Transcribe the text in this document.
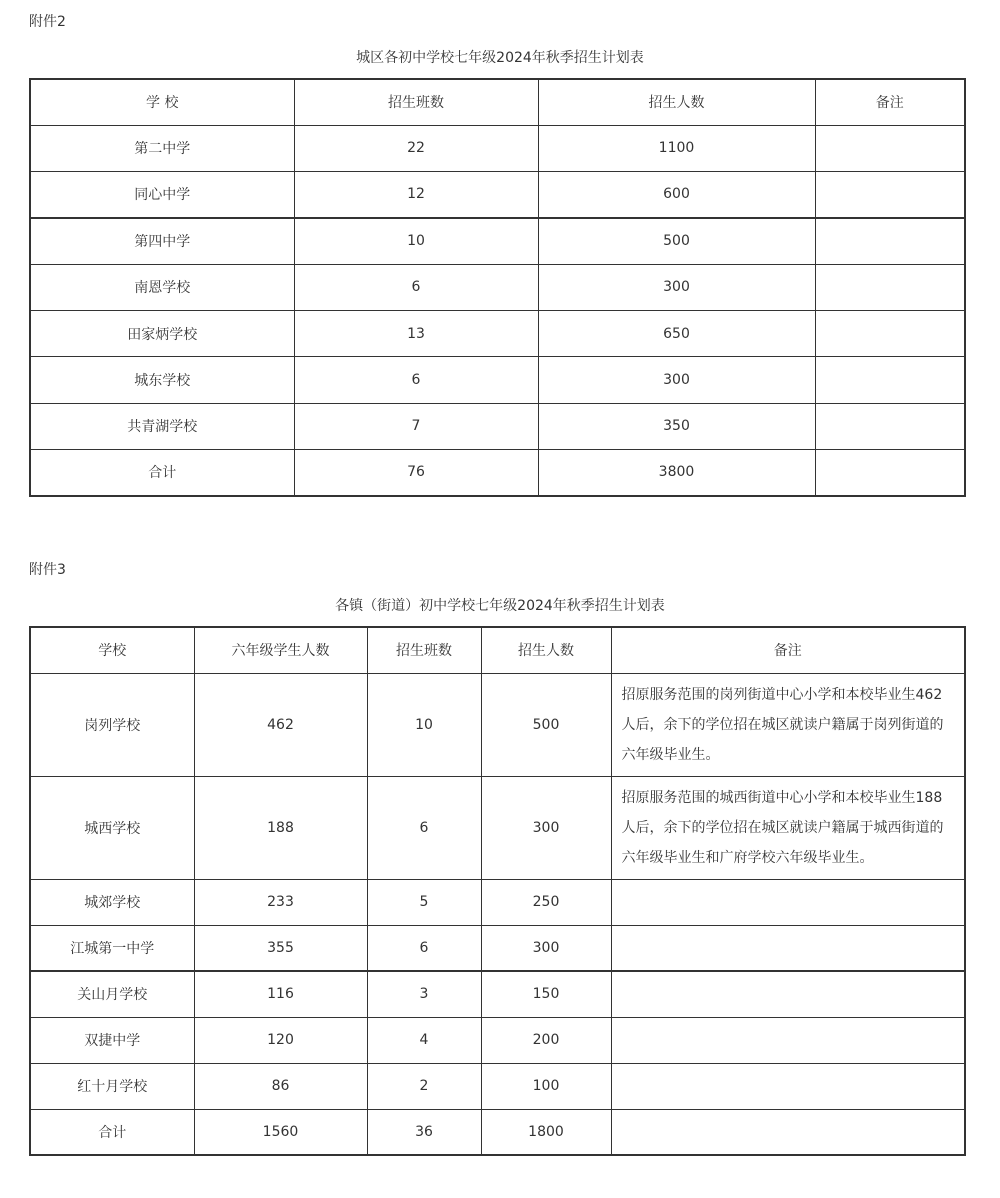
附件2
城区各初中学校七年级2024年秋季招生计划表
学 校	招生班数	招生人数	备注
第二中学	22	1100	
同心中学	12	600	
第四中学	10	500	
南恩学校	6	300	
田家炳学校	13	650	
城东学校	6	300	
共青湖学校	7	350	
合计	76	3800	
附件3
各镇（街道）初中学校七年级2024年秋季招生计划表
学校	六年级学生人数	招生班数	招生人数	备注
岗列学校	462	10	500	招原服务范围的岗列街道中心小学和本校毕业生462人后，余下的学位招在城区就读户籍属于岗列街道的六年级毕业生。
城西学校	188	6	300	招原服务范围的城西街道中心小学和本校毕业生188人后，余下的学位招在城区就读户籍属于城西街道的六年级毕业生和广府学校六年级毕业生。
城郊学校	233	5	250	
江城第一中学	355	6	300	
关山月学校	116	3	150	
双捷中学	120	4	200	
红十月学校	86	2	100	
合计	1560	36	1800	
